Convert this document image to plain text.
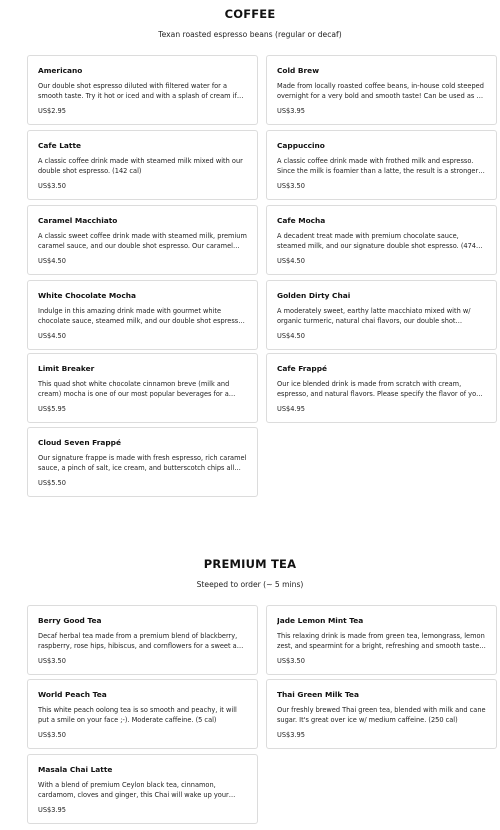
COFFEE
Texan roasted espresso beans (regular or decaf)
Americano
Our double shot espresso diluted with filtered water for a smooth taste. Try it hot or iced and with a splash of cream if
US$2.95
Cold Brew
Made from locally roasted coffee beans, in-house cold steeped overnight for a very bold and smooth taste! Can be used as a
US$3.95
Cafe Latte
A classic coffee drink made with steamed milk mixed with our double shot espresso. (142 cal)
US$3.50
Cappuccino
A classic coffee drink made with frothed milk and espresso. Since the milk is foamier than a latte, the result is a stronger
US$3.50
Caramel Macchiato
A classic sweet coffee drink made with steamed milk, premium caramel sauce, and our double shot espresso. Our caramel
US$4.50
Cafe Mocha
A decadent treat made with premium chocolate sauce, steamed milk, and our signature double shot espresso. (474
US$4.50
White Chocolate Mocha
Indulge in this amazing drink made with gourmet white chocolate sauce, steamed milk, and our double shot espresso.
US$4.50
Golden Dirty Chai
A moderately sweet, earthy latte macchiato mixed with w/ organic turmeric, natural chai flavors, our double shot
US$4.50
Limit Breaker
This quad shot white chocolate cinnamon breve (milk and cream) mocha is one of our most popular beverages for a
US$5.95
Cafe Frappé
Our ice blended drink is made from scratch with cream, espresso, and natural flavors. Please specify the flavor of your
US$4.95
Cloud Seven Frappé
Our signature frappe is made with fresh espresso, rich caramel sauce, a pinch of salt, ice cream, and butterscotch chips all
US$5.50
PREMIUM TEA
Steeped to order (~ 5 mins)
Berry Good Tea
Decaf herbal tea made from a premium blend of blackberry, raspberry, rose hips, hibiscus, and cornflowers for a sweet and
US$3.50
Jade Lemon Mint Tea
This relaxing drink is made from green tea, lemongrass, lemon zest, and spearmint for a bright, refreshing and smooth taste.
US$3.50
World Peach Tea
This white peach oolong tea is so smooth and peachy, it will put a smile on your face ;-). Moderate caffeine. (5 cal)
US$3.50
Thai Green Milk Tea
Our freshly brewed Thai green tea, blended with milk and cane sugar. It's great over ice w/ medium caffeine. (250 cal)
US$3.95
Masala Chai Latte
With a blend of premium Ceylon black tea, cinnamon, cardamom, cloves and ginger, this Chai will wake up your
US$3.95
